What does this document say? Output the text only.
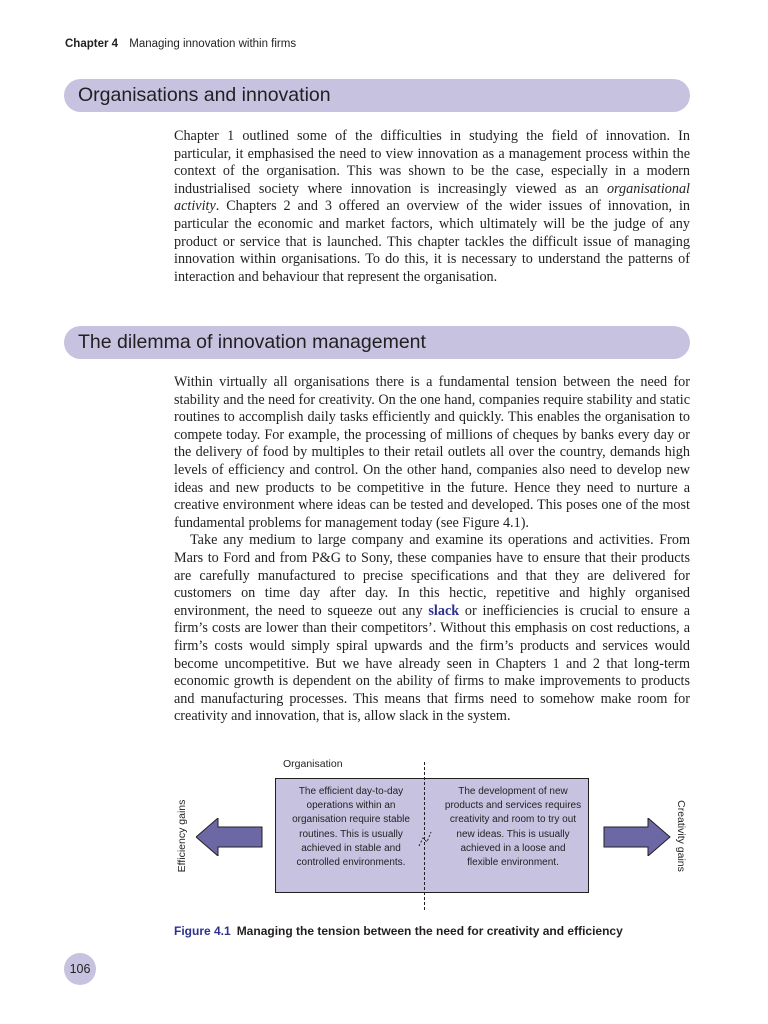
Chapter 4 Managing innovation within firms
Organisations and innovation

Chapter 1 outlined some of the difficulties in studying the field of innovation. In particular, it emphasised the need to view innovation as a management process within the context of the organisation. This was shown to be the case, especially in a modern industrialised society where innovation is increasingly viewed as an organisational activity. Chapters 2 and 3 offered an overview of the wider issues of innovation, in particular the economic and market factors, which ultimately will be the judge of any product or service that is launched. This chapter tackles the difficult issue of managing innovation within organisations. To do this, it is necessary to understand the patterns of interaction and behaviour that represent the organisation.

The dilemma of innovation management

Within virtually all organisations there is a fundamental tension between the need for stability and the need for creativity. On the one hand, companies require stability and static routines to accomplish daily tasks efficiently and quickly. This enables the organisation to compete today. For example, the processing of millions of cheques by banks every day or the delivery of food by multiples to their retail outlets all over the country, demands high levels of efficiency and control. On the other hand, companies also need to develop new ideas and new products to be competitive in the future. Hence they need to nurture a creative environment where ideas can be tested and developed. This poses one of the most fundamental problems for management today (see Figure 4.1).

Take any medium to large company and examine its operations and activities. From Mars to Ford and from P&G to Sony, these companies have to ensure that their products are carefully manufactured to precise specifications and that they are delivered for customers on time day after day. In this hectic, repetitive and highly organised environment, the need to squeeze out any slack or inefficiencies is crucial to ensure a firm’s costs are lower than their competitors’. Without this emphasis on cost reductions, a firm’s costs would simply spiral upwards and the firm’s products and services would become uncompetitive. But we have already seen in Chapters 1 and 2 that long-term economic growth is dependent on the ability of firms to make improvements to products and manufacturing processes. This means that firms need to somehow make room for creativity and innovation, that is, allow slack in the system.

Organisation
The efficient day-to-day operations within an organisation require stable routines. This is usually achieved in stable and controlled environments.
The development of new products and services requires creativity and room to try out new ideas. This is usually achieved in a loose and flexible environment.
Efficiency gains	Creativity gains
Figure 4.1 Managing the tension between the need for creativity and efficiency
106
